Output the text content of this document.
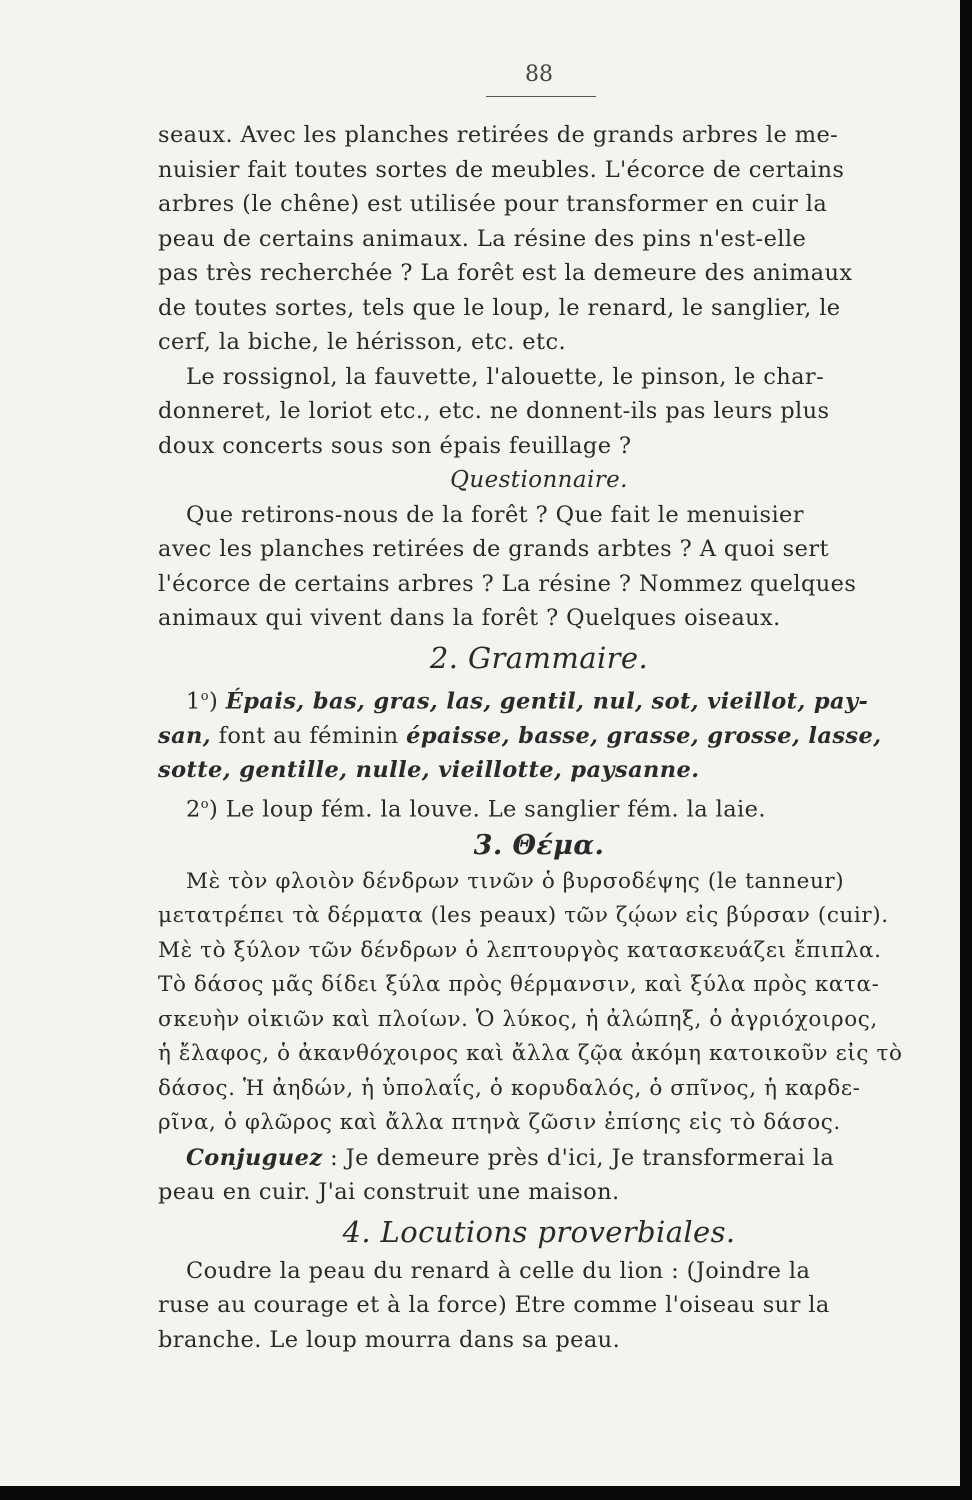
88

seaux. Avec les planches retirées de grands arbres le me-

nuisier fait toutes sortes de meubles. L'écorce de certains

arbres (le chêne) est utilisée pour transformer en cuir la

peau de certains animaux. La résine des pins n'est-elle

pas très recherchée ? La forêt est la demeure des animaux

de toutes sortes, tels que le loup, le renard, le sanglier, le

cerf, la biche, le hérisson, etc. etc.

Le rossignol, la fauvette, l'alouette, le pinson, le char-

donneret, le loriot etc., etc. ne donnent-ils pas leurs plus

doux concerts sous son épais feuillage ?

Questionnaire.

Que retirons-nous de la forêt ? Que fait le menuisier

avec les planches retirées de grands arbtes ? A quoi sert

l'écorce de certains arbres ? La résine ? Nommez quelques

animaux qui vivent dans la forêt ? Quelques oiseaux.

2. Grammaire.

1$^o$) Épais, bas, gras, las, gentil, nul, sot, vieillot, pay-

san, font au féminin épaisse, basse, grasse, grosse, lasse,

sotte, gentille, nulle, vieillotte, paysanne.

2$^o$) Le loup fém. la louve. Le sanglier fém. la laie.

3. Θέμα.

Μὲ τὸν φλοιὸν δένδρων τινῶν ὁ βυρσοδέψης (le tanneur)

μετατρέπει τὰ δέρματα (les peaux) τῶν ζῴων εἰς βύρσαν (cuir).

Μὲ τὸ ξύλον τῶν δένδρων ὁ λεπτουργὸς κατασκευάζει ἔπιπλα.

Τὸ δάσος μᾶς δίδει ξύλα πρὸς θέρμανσιν, καὶ ξύλα πρὸς κατα-

σκευὴν οἰκιῶν καὶ πλοίων. Ὁ λύκος, ἡ ἀλώπηξ, ὁ ἀγριόχοιρος,

ἡ ἔλαφος, ὁ ἀκανθόχοιρος καὶ ἄλλα ζῷα ἀκόμη κατοικοῦν εἰς τὸ

δάσος. Ἡ ἀηδών, ἡ ὑπολαΐς, ὁ κορυδαλός, ὁ σπῖνος, ἡ καρδε-

ρῖνα, ὁ φλῶρος καὶ ἄλλα πτηνὰ ζῶσιν ἐπίσης εἰς τὸ δάσος.

Conjuguez : Je demeure près d'ici, Je transformerai la

peau en cuir. J'ai construit une maison.

4. Locutions proverbiales.

Coudre la peau du renard à celle du lion : (Joindre la

ruse au courage et à la force) Etre comme l'oiseau sur la

branche. Le loup mourra dans sa peau.
